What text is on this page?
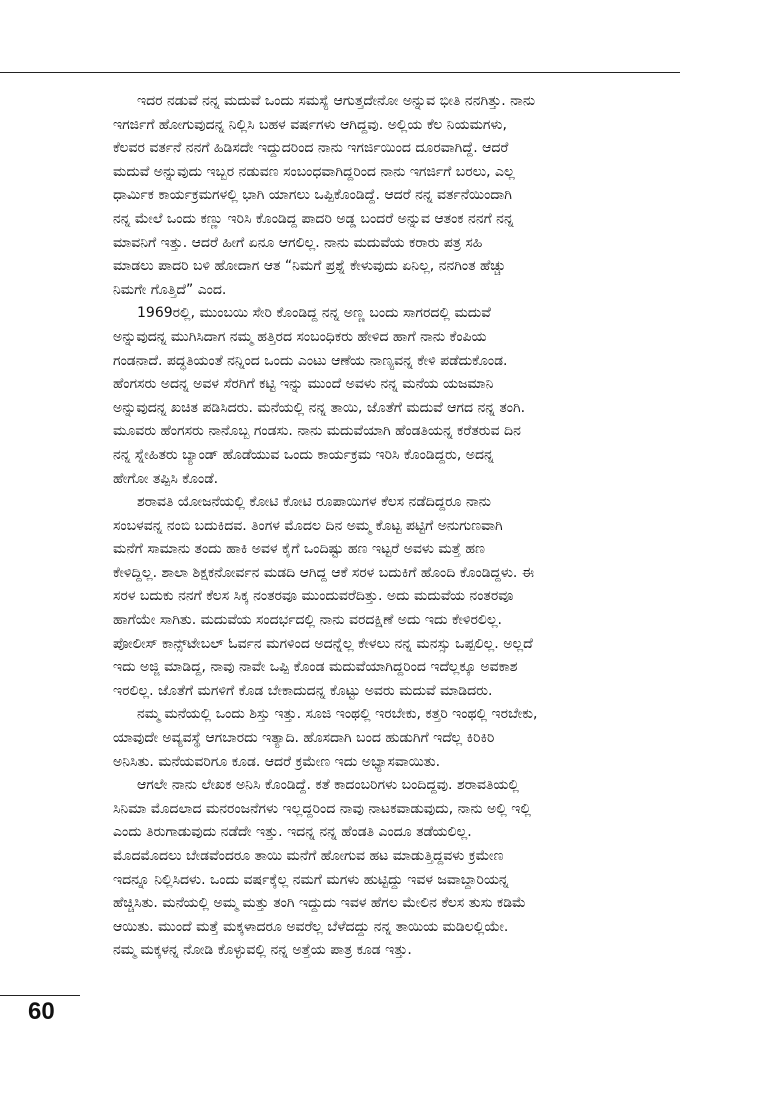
ಇದರ ನಡುವೆ ನನ್ನ ಮದುವೆ ಒಂದು ಸಮಸ್ಯೆ ಆಗುತ್ತದೇನೋ ಅನ್ನುವ ಭೀತಿ ನನಗಿತ್ತು. ನಾನು
ಇಗರ್ಜಿಗೆ ಹೋಗುವುದನ್ನ ನಿಲ್ಲಿಸಿ ಬಹಳ ವರ್ಷಗಳು ಆಗಿದ್ದವು. ಅಲ್ಲಿಯ ಕೆಲ ನಿಯಮಗಳು,
ಕೆಲವರ ವರ್ತನೆ ನನಗೆ ಹಿಡಿಸದೇ ಇದ್ದುದರಿಂದ ನಾನು ಇಗರ್ಜಿಯಿಂದ ದೂರವಾಗಿದ್ದೆ. ಆದರೆ
ಮದುವೆ ಅನ್ನುವುದು ಇಬ್ಬರ ನಡುವಣ ಸಂಬಂಧವಾಗಿದ್ದರಿಂದ ನಾನು ಇಗರ್ಜಿಗೆ ಬರಲು, ಎಲ್ಲ
ಧಾರ್ಮಿಕ ಕಾರ್ಯಕ್ರಮಗಳಲ್ಲಿ ಭಾಗಿ ಯಾಗಲು ಒಪ್ಪಿಕೊಂಡಿದ್ದೆ. ಆದರೆ ನನ್ನ ವರ್ತನೆಯಿಂದಾಗಿ
ನನ್ನ ಮೇಲೆ ಒಂದು ಕಣ್ಣು ಇರಿಸಿ ಕೊಂಡಿದ್ದ ಪಾದರಿ ಅಡ್ಡ ಬಂದರೆ ಅನ್ನುವ ಆತಂಕ ನನಗೆ ನನ್ನ
ಮಾವನಿಗೆ ಇತ್ತು. ಆದರೆ ಹೀಗೆ ಏನೂ ಆಗಲಿಲ್ಲ. ನಾನು ಮದುವೆಯ ಕರಾರು ಪತ್ರ ಸಹಿ
ಮಾಡಲು ಪಾದರಿ ಬಳಿ ಹೋದಾಗ ಆತ “ನಿಮಗೆ ಪ್ರಶ್ನೆ ಕೇಳುವುದು ಏನಿಲ್ಲ, ನನಗಿಂತ ಹೆಚ್ಚು
ನಿಮಗೇ ಗೊತ್ತಿದೆ” ಎಂದ.
1969ರಲ್ಲಿ, ಮುಂಬಯಿ ಸೇರಿ ಕೊಂಡಿದ್ದ ನನ್ನ ಅಣ್ಣ ಬಂದು ಸಾಗರದಲ್ಲಿ ಮದುವೆ
ಅನ್ನುವುದನ್ನ ಮುಗಿಸಿದಾಗ ನಮ್ಮ ಹತ್ತಿರದ ಸಂಬಂಧಿಕರು ಹೇಳಿದ ಹಾಗೆ ನಾನು ಕೆಂಪಿಯ
ಗಂಡನಾದೆ. ಪದ್ಧತಿಯಂತೆ ನನ್ನಿಂದ ಒಂದು ಎಂಟು ಆಣೆಯ ನಾಣ್ಯವನ್ನ ಕೇಳಿ ಪಡೆದುಕೊಂಡ.
ಹೆಂಗಸರು ಅದನ್ನ ಅವಳ ಸೆರಗಿಗೆ ಕಟ್ಟಿ ಇನ್ನು ಮುಂದೆ ಅವಳು ನನ್ನ ಮನೆಯ ಯಜಮಾನಿ
ಅನ್ನುವುದನ್ನ ಖಚಿತ ಪಡಿಸಿದರು. ಮನೆಯಲ್ಲಿ ನನ್ನ ತಾಯಿ, ಜೊತೆಗೆ ಮದುವೆ ಆಗದ ನನ್ನ ತಂಗಿ.
ಮೂವರು ಹೆಂಗಸರು ನಾನೊಬ್ಬ ಗಂಡಸು. ನಾನು ಮದುವೆಯಾಗಿ ಹೆಂಡತಿಯನ್ನ ಕರೆತರುವ ದಿನ
ನನ್ನ ಸ್ನೇಹಿತರು ಬ್ಯಾಂಡ್ ಹೊಡೆಯುವ ಒಂದು ಕಾರ್ಯಕ್ರಮ ಇರಿಸಿ ಕೊಂಡಿದ್ದರು, ಅದನ್ನ
ಹೇಗೋ ತಪ್ಪಿಸಿ ಕೊಂಡೆ.
ಶರಾವತಿ ಯೋಜನೆಯಲ್ಲಿ ಕೋಟಿ ಕೋಟಿ ರೂಪಾಯಿಗಳ ಕೆಲಸ ನಡೆದಿದ್ದರೂ ನಾನು
ಸಂಬಳವನ್ನ ನಂಬಿ ಬದುಕಿದವ. ತಿಂಗಳ ಮೊದಲ ದಿನ ಅಮ್ಮ ಕೊಟ್ಟ ಪಟ್ಟಿಗೆ ಅನುಗುಣವಾಗಿ
ಮನೆಗೆ ಸಾಮಾನು ತಂದು ಹಾಕಿ ಅವಳ ಕೈಗೆ ಒಂದಿಷ್ಟು ಹಣ ಇಟ್ಟರೆ ಅವಳು ಮತ್ತೆ ಹಣ
ಕೇಳಿದ್ದಿಲ್ಲ. ಶಾಲಾ ಶಿಕ್ಷಕನೋರ್ವನ ಮಡದಿ ಆಗಿದ್ದ ಆಕೆ ಸರಳ ಬದುಕಿಗೆ ಹೊಂದಿ ಕೊಂಡಿದ್ದಳು. ಈ
ಸರಳ ಬದುಕು ನನಗೆ ಕೆಲಸ ಸಿಕ್ಕ ನಂತರವೂ ಮುಂದುವರೆದಿತ್ತು. ಅದು ಮದುವೆಯ ನಂತರವೂ
ಹಾಗೆಯೇ ಸಾಗಿತು. ಮದುವೆಯ ಸಂದರ್ಭದಲ್ಲಿ ನಾನು ವರದಕ್ಷಿಣೆ ಅದು ಇದು ಕೇಳಿರಲಿಲ್ಲ.
ಪೋಲೀಸ್ ಕಾನ್ಸ್‌ಟೇಬಲ್ ಓರ್ವನ ಮಗಳಿಂದ ಅದನ್ನೆಲ್ಲ ಕೇಳಲು ನನ್ನ ಮನಸ್ಸು ಒಪ್ಪಲಿಲ್ಲ. ಅಲ್ಲದೆ
ಇದು ಅಜ್ಜಿ ಮಾಡಿದ್ದ, ನಾವು ನಾವೇ ಒಪ್ಪಿ ಕೊಂಡ ಮದುವೆಯಾಗಿದ್ದರಿಂದ ಇದೆಲ್ಲಕ್ಕೂ ಅವಕಾಶ
ಇರಲಿಲ್ಲ. ಜೊತೆಗೆ ಮಗಳಿಗೆ ಕೊಡ ಬೇಕಾದುದನ್ನ ಕೊಟ್ಟು ಅವರು ಮದುವೆ ಮಾಡಿದರು.
ನಮ್ಮ ಮನೆಯಲ್ಲಿ ಒಂದು ಶಿಸ್ತು ಇತ್ತು. ಸೂಜಿ ಇಂಥಲ್ಲಿ ಇರಬೇಕು, ಕತ್ತರಿ ಇಂಥಲ್ಲಿ ಇರಬೇಕು,
ಯಾವುದೇ ಅವ್ಯವಸ್ಥೆ ಆಗಬಾರದು ಇತ್ಯಾದಿ. ಹೊಸದಾಗಿ ಬಂದ ಹುಡುಗಿಗೆ ಇದೆಲ್ಲ ಕಿರಿಕಿರಿ
ಅನಿಸಿತು. ಮನೆಯವರಿಗೂ ಕೂಡ. ಆದರೆ ಕ್ರಮೇಣ ಇದು ಅಭ್ಯಾಸವಾಯಿತು.
ಆಗಲೇ ನಾನು ಲೇಖಕ ಅನಿಸಿ ಕೊಂಡಿದ್ದೆ. ಕತೆ ಕಾದಂಬರಿಗಳು ಬಂದಿದ್ದವು. ಶರಾವತಿಯಲ್ಲಿ
ಸಿನಿಮಾ ಮೊದಲಾದ ಮನರಂಜನೆಗಳು ಇಲ್ಲದ್ದರಿಂದ ನಾವು ನಾಟಕವಾಡುವುದು, ನಾನು ಅಲ್ಲಿ ಇಲ್ಲಿ
ಎಂದು ತಿರುಗಾಡುವುದು ನಡೆದೇ ಇತ್ತು. ಇದನ್ನ ನನ್ನ ಹೆಂಡತಿ ಎಂದೂ ತಡೆಯಲಿಲ್ಲ.
ಮೊದಮೊದಲು ಬೇಡವೆಂದರೂ ತಾಯಿ ಮನೆಗೆ ಹೋಗುವ ಹಟ ಮಾಡುತ್ತಿದ್ದವಳು ಕ್ರಮೇಣ
ಇದನ್ನೂ ನಿಲ್ಲಿಸಿದಳು. ಒಂದು ವರ್ಷಕ್ಕೆಲ್ಲ ನಮಗೆ ಮಗಳು ಹುಟ್ಟಿದ್ದು ಇವಳ ಜವಾಬ್ದಾರಿಯನ್ನ
ಹೆಚ್ಚಿಸಿತು. ಮನೆಯಲ್ಲಿ ಅಮ್ಮ ಮತ್ತು ತಂಗಿ ಇದ್ದುದು ಇವಳ ಹೆಗಲ ಮೇಲಿನ ಕೆಲಸ ತುಸು ಕಡಿಮೆ
ಆಯಿತು. ಮುಂದೆ ಮತ್ತೆ ಮಕ್ಕಳಾದರೂ ಅವರೆಲ್ಲ ಬೆಳೆದದ್ದು ನನ್ನ ತಾಯಿಯ ಮಡಿಲಲ್ಲಿಯೇ.
ನಮ್ಮ ಮಕ್ಕಳನ್ನ ನೋಡಿ ಕೊಳ್ಳುವಲ್ಲಿ ನನ್ನ ಅತ್ತೆಯ ಪಾತ್ರ ಕೂಡ ಇತ್ತು.
60
